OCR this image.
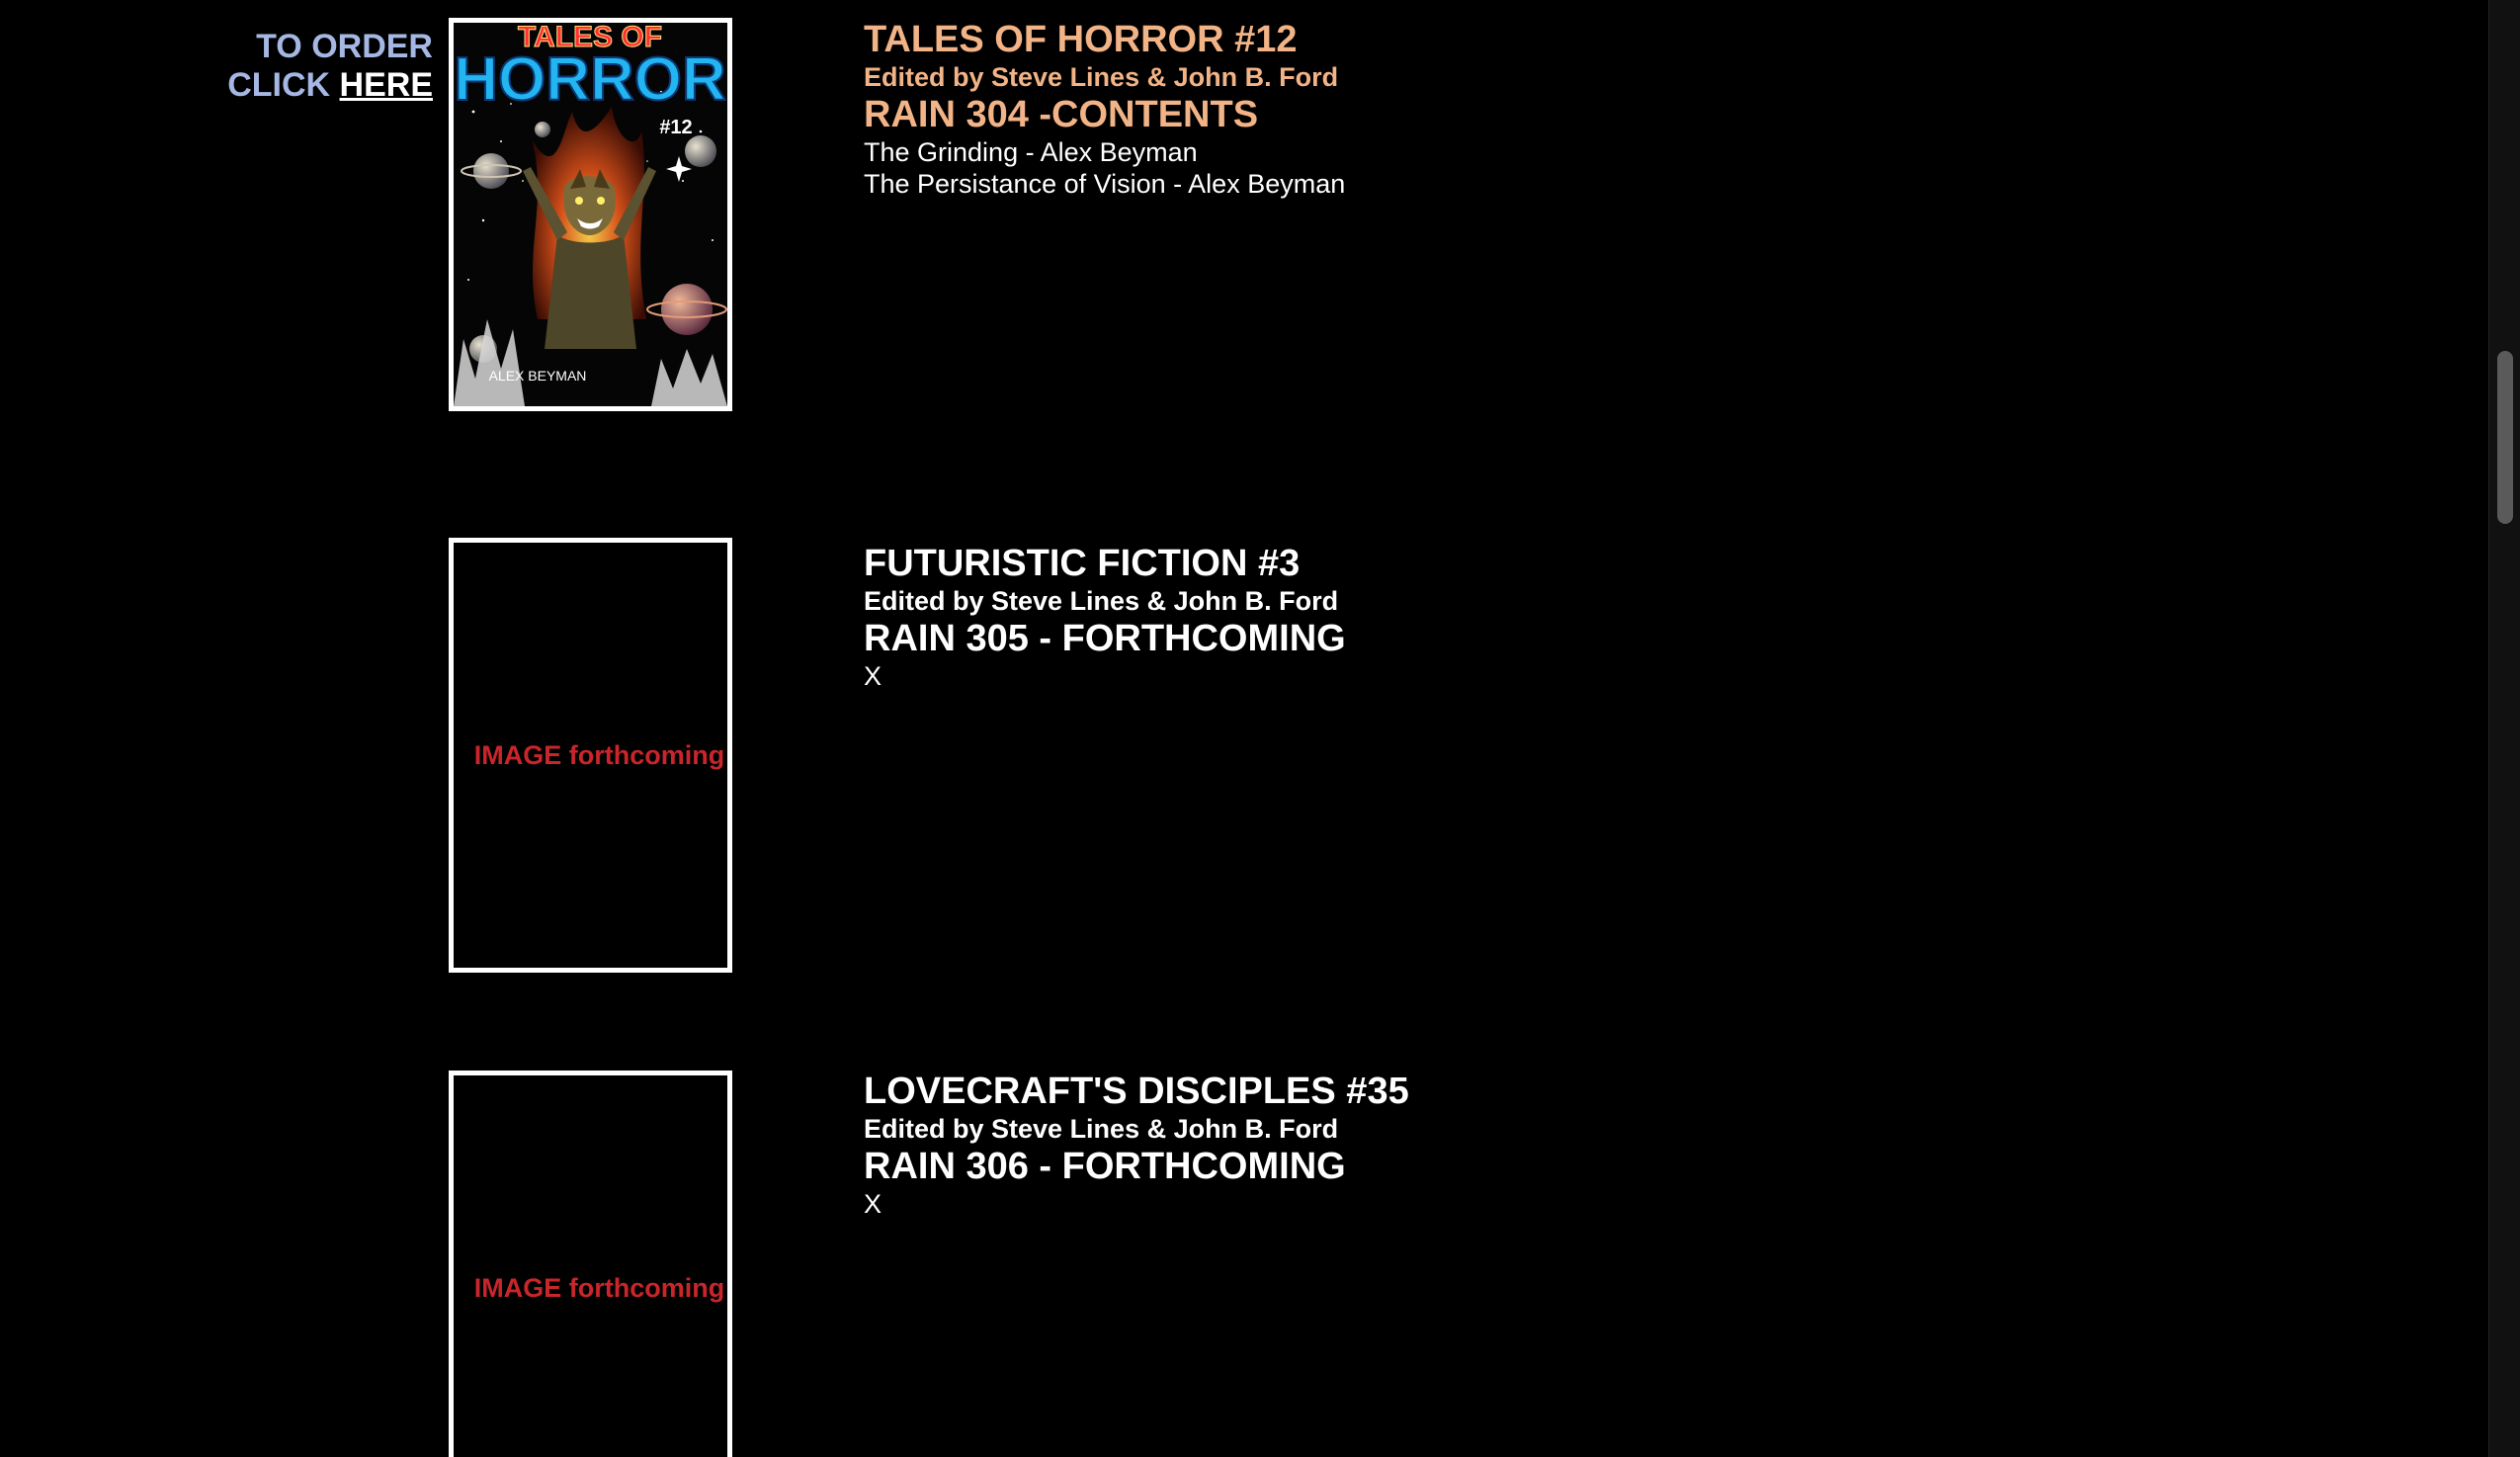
TO ORDER
CLICK HERE
TALES OF
HORROR
#12
ALEX BEYMAN
TALES OF HORROR #12
Edited by Steve Lines & John B. Ford
RAIN 304 -CONTENTS
The Grinding - Alex Beyman
The Persistance of Vision - Alex Beyman
IMAGE forthcoming
FUTURISTIC FICTION #3
Edited by Steve Lines & John B. Ford
RAIN 305 - FORTHCOMING
X
IMAGE forthcoming
LOVECRAFT'S DISCIPLES #35
Edited by Steve Lines & John B. Ford
RAIN 306 - FORTHCOMING
X
